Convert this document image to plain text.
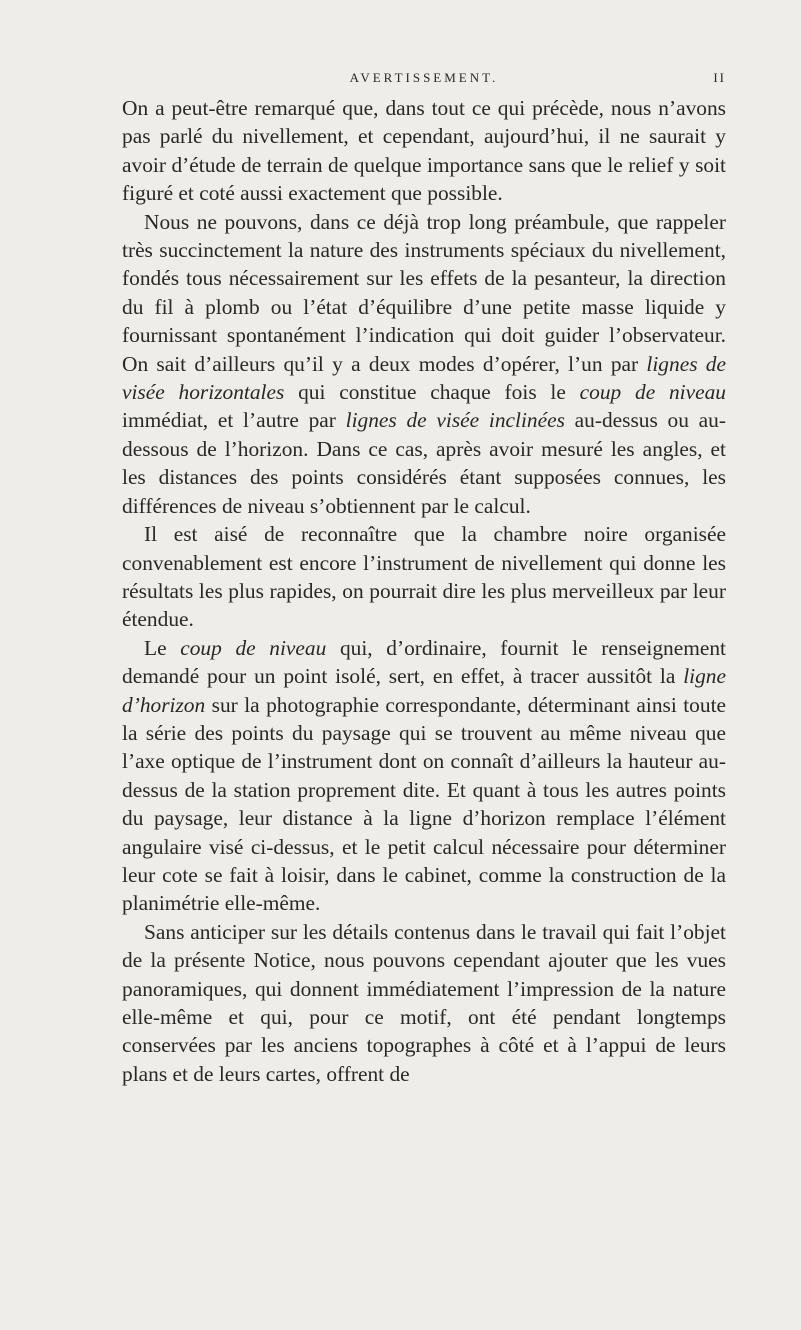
AVERTISSEMENT.	II

On a peut-être remarqué que, dans tout ce qui précède, nous n’avons pas parlé du nivellement, et cependant, aujourd’hui, il ne saurait y avoir d’étude de terrain de quelque importance sans que le relief y soit figuré et coté aussi exactement que possible.

Nous ne pouvons, dans ce déjà trop long préambule, que rappeler très succinctement la nature des instruments spéciaux du nivellement, fondés tous nécessairement sur les effets de la pesanteur, la direction du fil à plomb ou l’état d’équilibre d’une petite masse liquide y fournissant spontanément l’indication qui doit guider l’observateur. On sait d’ailleurs qu’il y a deux modes d’opérer, l’un par lignes de visée horizontales qui constitue chaque fois le coup de niveau immédiat, et l’autre par lignes de visée inclinées au-dessus ou au-dessous de l’horizon. Dans ce cas, après avoir mesuré les angles, et les distances des points considérés étant supposées connues, les différences de niveau s’obtiennent par le calcul.

Il est aisé de reconnaître que la chambre noire organisée convenablement est encore l’instrument de nivellement qui donne les résultats les plus rapides, on pourrait dire les plus merveilleux par leur étendue.

Le coup de niveau qui, d’ordinaire, fournit le renseignement demandé pour un point isolé, sert, en effet, à tracer aussitôt la ligne d’horizon sur la photographie correspondante, déterminant ainsi toute la série des points du paysage qui se trouvent au même niveau que l’axe optique de l’instrument dont on connaît d’ailleurs la hauteur au-dessus de la station proprement dite. Et quant à tous les autres points du paysage, leur distance à la ligne d’horizon remplace l’élément angulaire visé ci-dessus, et le petit calcul nécessaire pour déterminer leur cote se fait à loisir, dans le cabinet, comme la construction de la planimétrie elle-même.

Sans anticiper sur les détails contenus dans le travail qui fait l’objet de la présente Notice, nous pouvons cependant ajouter que les vues panoramiques, qui donnent immédiatement l’impression de la nature elle-même et qui, pour ce motif, ont été pendant longtemps conservées par les anciens topographes à côté et à l’appui de leurs plans et de leurs cartes, offrent de
